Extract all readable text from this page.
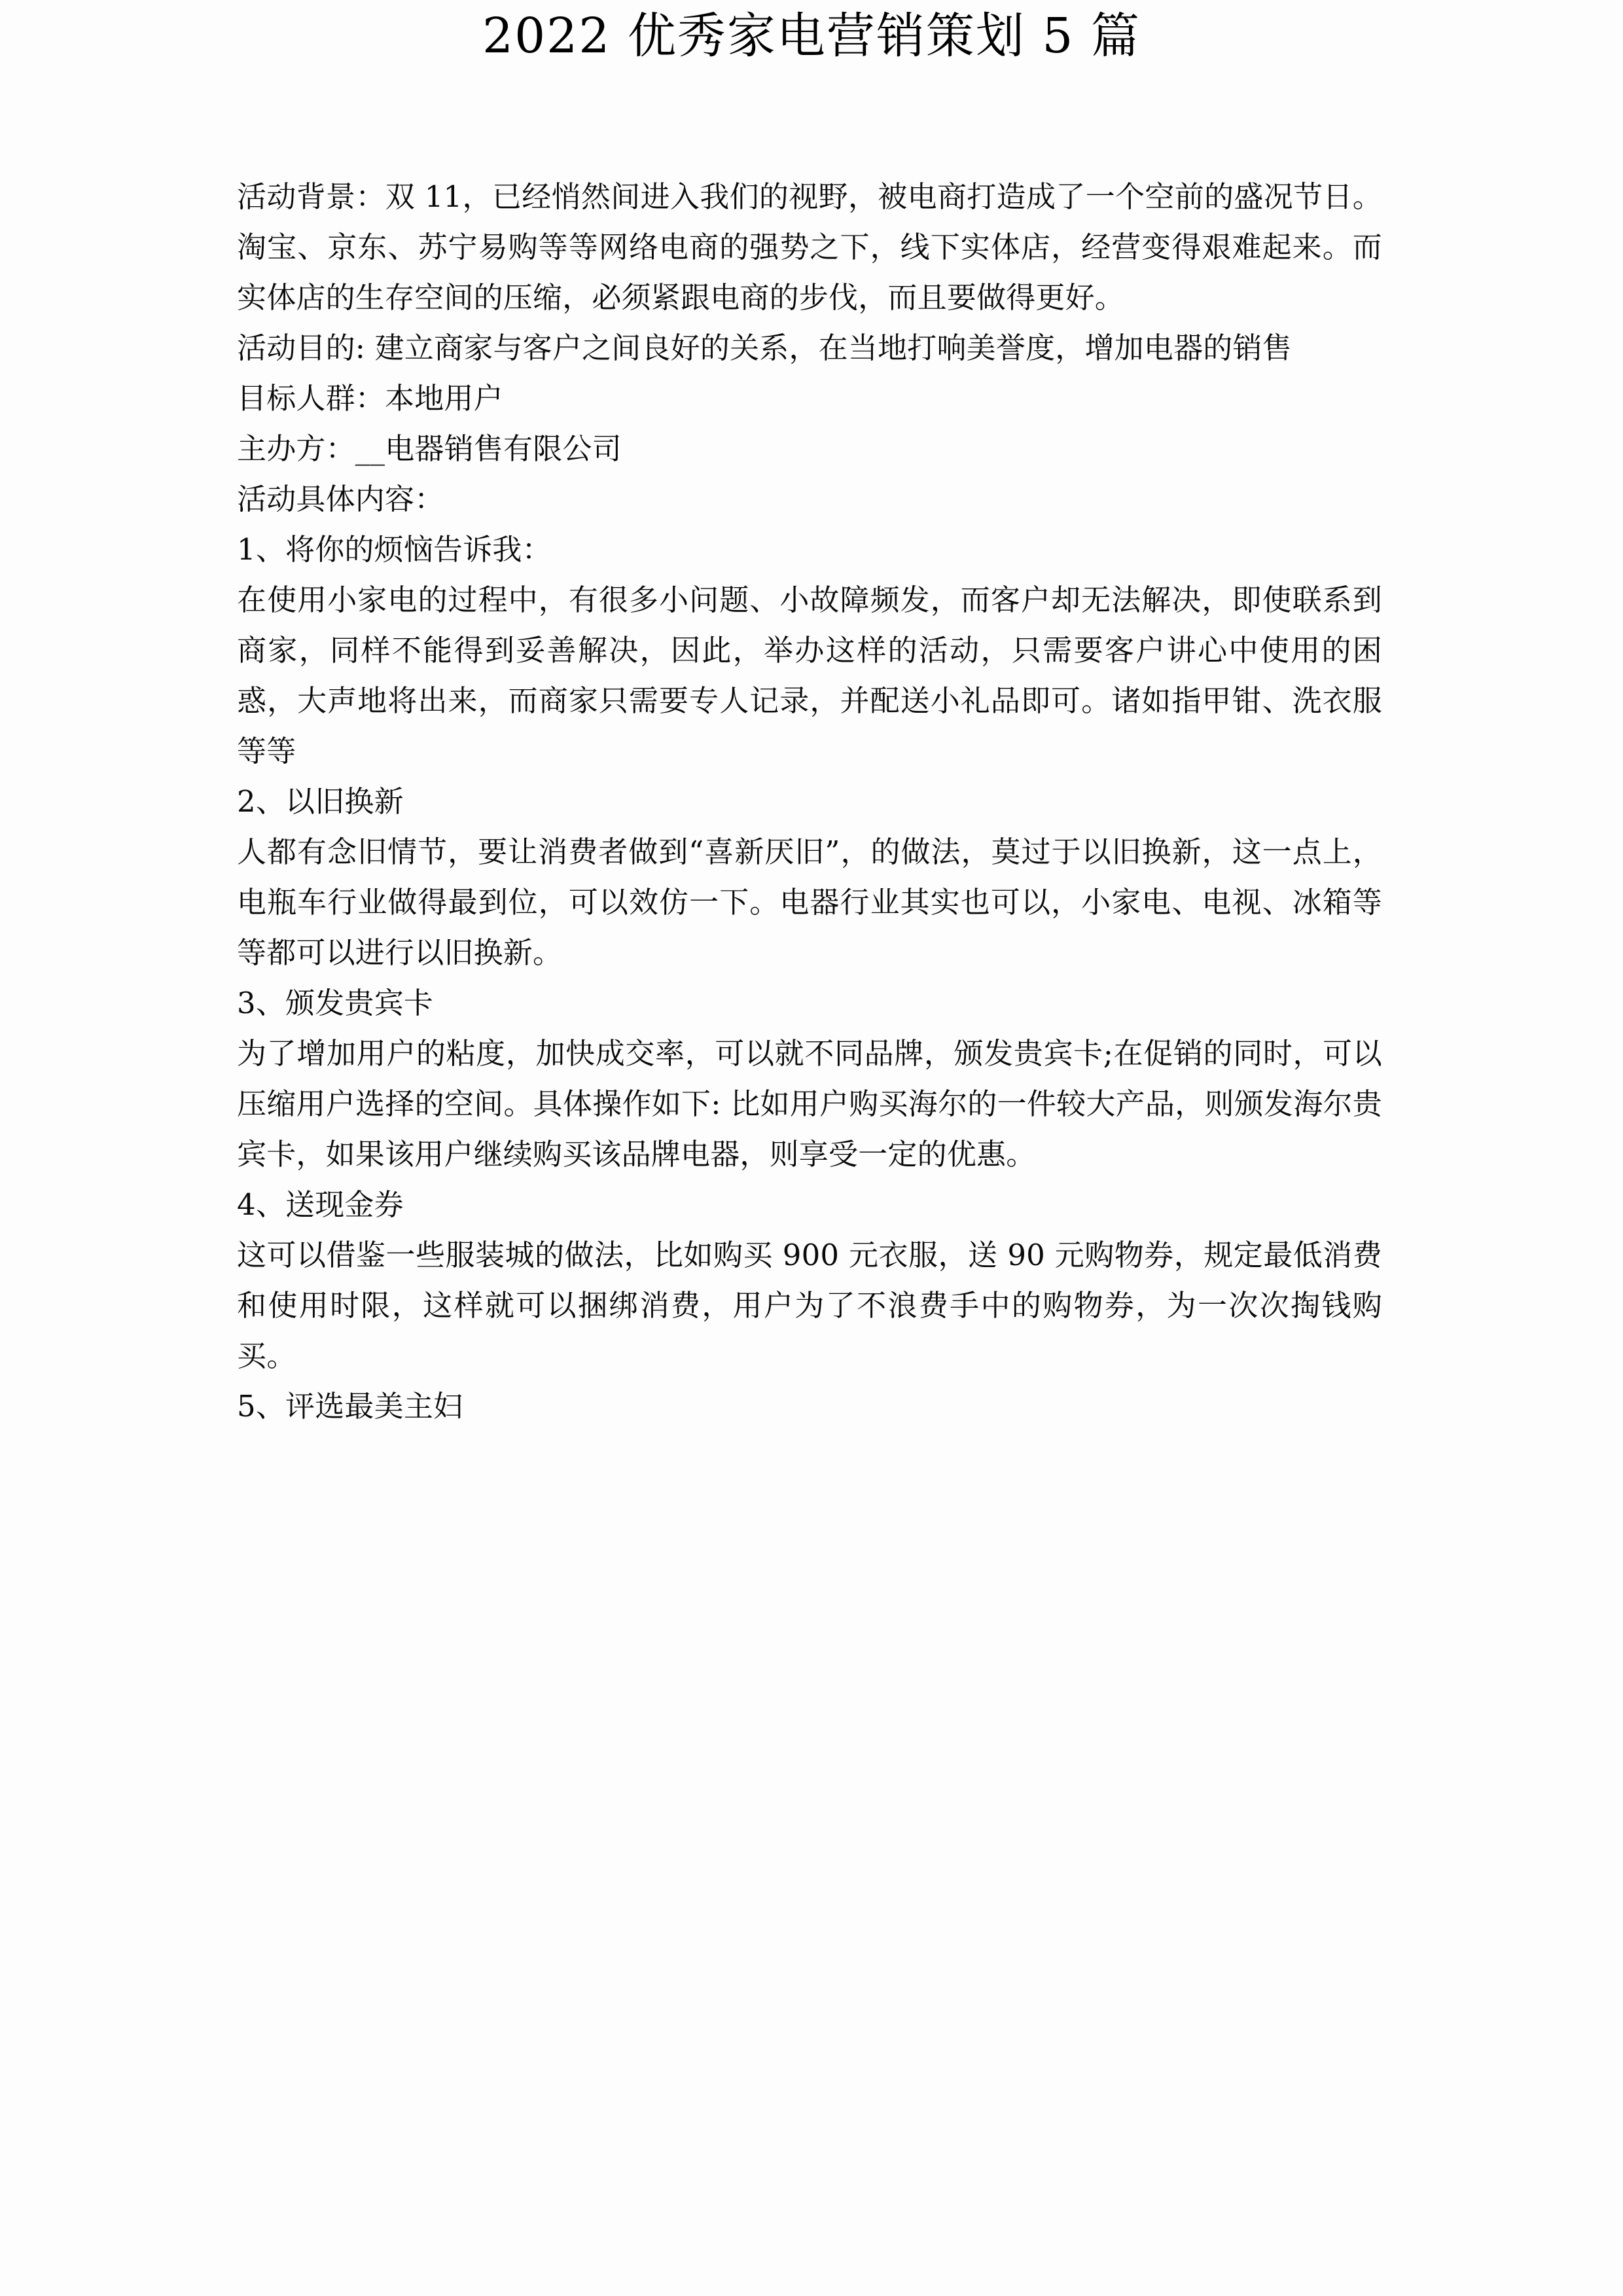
2022 优秀家电营销策划 5 篇

活动背景：双 11，已经悄然间进入我们的视野，被电商打造成了一个空前的盛况节日。淘宝、京东、苏宁易购等等网络电商的强势之下，线下实体店，经营变得艰难起来。而实体店的生存空间的压缩，必须紧跟电商的步伐，而且要做得更好。

活动目的: 建立商家与客户之间良好的关系，在当地打响美誉度，增加电器的销售

目标人群：本地用户

主办方：__电器销售有限公司

活动具体内容：

1、将你的烦恼告诉我：

在使用小家电的过程中，有很多小问题、小故障频发，而客户却无法解决，即使联系到商家，同样不能得到妥善解决，因此，举办这样的活动，只需要客户讲心中使用的困惑，大声地将出来，而商家只需要专人记录，并配送小礼品即可。诸如指甲钳、洗衣服等等

2、以旧换新

人都有念旧情节，要让消费者做到“喜新厌旧”，的做法，莫过于以旧换新，这一点上，电瓶车行业做得最到位，可以效仿一下。电器行业其实也可以，小家电、电视、冰箱等等都可以进行以旧换新。

3、颁发贵宾卡

为了增加用户的粘度，加快成交率，可以就不同品牌，颁发贵宾卡;在促销的同时，可以压缩用户选择的空间。具体操作如下: 比如用户购买海尔的一件较大产品，则颁发海尔贵宾卡，如果该用户继续购买该品牌电器，则享受一定的优惠。

4、送现金券

这可以借鉴一些服装城的做法，比如购买 900 元衣服，送 90 元购物券，规定最低消费和使用时限，这样就可以捆绑消费，用户为了不浪费手中的购物券，为一次次掏钱购买。

5、评选最美主妇
